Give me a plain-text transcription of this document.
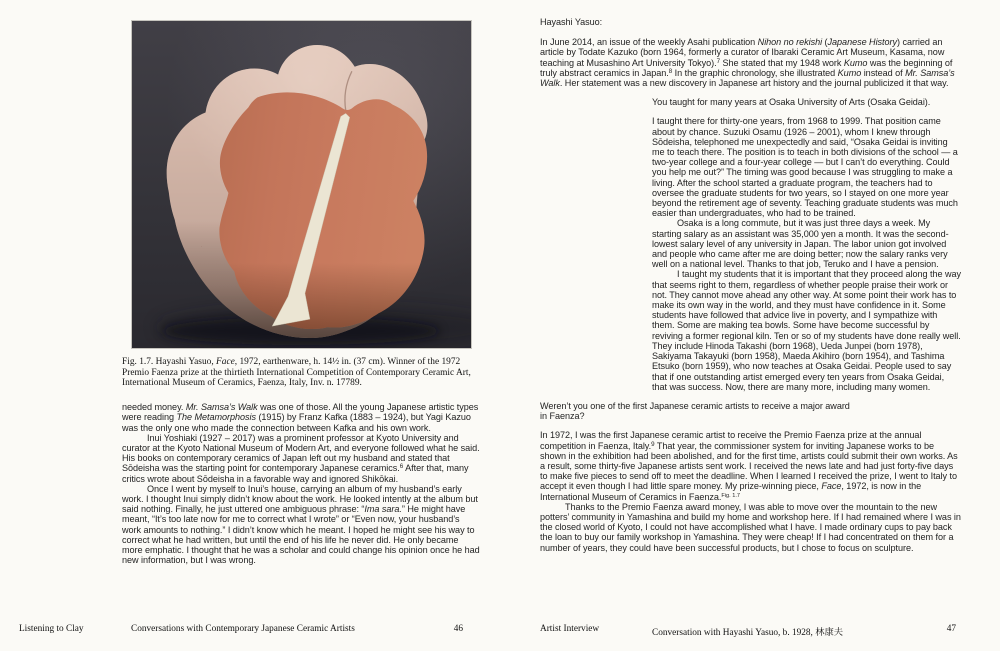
Fig. 1.7. Hayashi Yasuo, Face, 1972, earthenware, h. 14½ in. (37 cm). Winner of the 1972 Premio Faenza prize at the thirtieth International Competition of Contemporary Ceramic Art, International Museum of Ceramics, Faenza, Italy, Inv. n. 17789.

needed money. Mr. Samsa’s Walk was one of those. All the young Japanese artistic types were reading The Metamorphosis (1915) by Franz Kafka (1883 – 1924), but Yagi Kazuo was the only one who made the connection between Kafka and his own work.

Inui Yoshiaki (1927 – 2017) was a prominent professor at Kyoto University and curator at the Kyoto National Museum of Modern Art, and everyone followed what he said. His books on contemporary ceramics of Japan left out my husband and stated that Sōdeisha was the starting point for contemporary Japanese ceramics.$^6$ After that, many critics wrote about Sōdeisha in a favorable way and ignored Shikōkai.

Once I went by myself to Inui’s house, carrying an album of my husband’s early work. I thought Inui simply didn’t know about the work. He looked intently at the album but said nothing. Finally, he just uttered one ambiguous phrase: “Ima sara.” He might have meant, “It’s too late now for me to correct what I wrote” or “Even now, your husband’s work amounts to nothing.” I didn’t know which he meant. I hoped he might see his way to correct what he had written, but until the end of his life he never did. He only became more emphatic. I thought that he was a scholar and could change his opinion once he had new information, but I was wrong.

Hayashi Yasuo:

In June 2014, an issue of the weekly Asahi publication Nihon no rekishi (Japanese History) carried an article by Todate Kazuko (born 1964, formerly a curator of Ibaraki Ceramic Art Museum, Kasama, now teaching at Musashino Art University Tokyo).$^7$ She stated that my 1948 work Kumo was the beginning of truly abstract ceramics in Japan.$^8$ In the graphic chronology, she illustrated Kumo instead of Mr. Samsa’s Walk. Her statement was a new discovery in Japanese art history and the journal publicized it that way.

You taught for many years at Osaka University of Arts (Osaka Geidai).

I taught there for thirty-one years, from 1968 to 1999. That position came about by chance. Suzuki Osamu (1926 – 2001), whom I knew through Sōdeisha, telephoned me unexpectedly and said, “Osaka Geidai is inviting me to teach there. The position is to teach in both divisions of the school — a two-year college and a four-year college — but I can’t do everything. Could you help me out?” The timing was good because I was struggling to make a living. After the school started a graduate program, the teachers had to oversee the graduate students for two years, so I stayed on one more year beyond the retirement age of seventy. Teaching graduate students was much easier than undergraduates, who had to be trained.

Osaka is a long commute, but it was just three days a week. My starting salary as an assistant was 35,000 yen a month. It was the second-lowest salary level of any university in Japan. The labor union got involved and people who came after me are doing better; now the salary ranks very well on a national level. Thanks to that job, Teruko and I have a pension.

I taught my students that it is important that they proceed along the way that seems right to them, regardless of whether people praise their work or not. They cannot move ahead any other way. At some point their work has to make its own way in the world, and they must have confidence in it. Some students have followed that advice live in poverty, and I sympathize with them. Some are making tea bowls. Some have become successful by reviving a former regional kiln. Ten or so of my students have done really well. They include Hinoda Takashi (born 1968), Ueda Junpei (born 1978), Sakiyama Takayuki (born 1958), Maeda Akihiro (born 1954), and Tashima Etsuko (born 1959), who now teaches at Osaka Geidai. People used to say that if one outstanding artist emerged every ten years from Osaka Geidai, that was success. Now, there are many more, including many women.

Weren’t you one of the first Japanese ceramic artists to receive a major award
in Faenza?

In 1972, I was the first Japanese ceramic artist to receive the Premio Faenza prize at the annual competition in Faenza, Italy.$^9$ That year, the commissioner system for inviting Japanese works to be shown in the exhibition had been abolished, and for the first time, artists could submit their own works. As a result, some thirty-five Japanese artists sent work. I received the news late and had just forty-five days to make five pieces to send off to meet the deadline. When I learned I received the prize, I went to Italy to accept it even though I had little spare money. My prize-winning piece, Face, 1972, is now in the International Museum of Ceramics in Faenza.$^{Fig. 1.7}$

Thanks to the Premio Faenza award money, I was able to move over the mountain to the new potters’ community in Yamashina and build my home and workshop here. If I had remained where I was in the closed world of Kyoto, I could not have accomplished what I have. I made ordinary cups to pay back the loan to buy our family workshop in Yamashina. They were cheap! If I had concentrated on them for a number of years, they could have been successful products, but I chose to focus on sculpture.

Listening to Clay	Conversations with Contemporary Japanese Ceramic Artists	46	Artist Interview	Conversation with Hayashi Yasuo, b. 1928, 林康夫	47
